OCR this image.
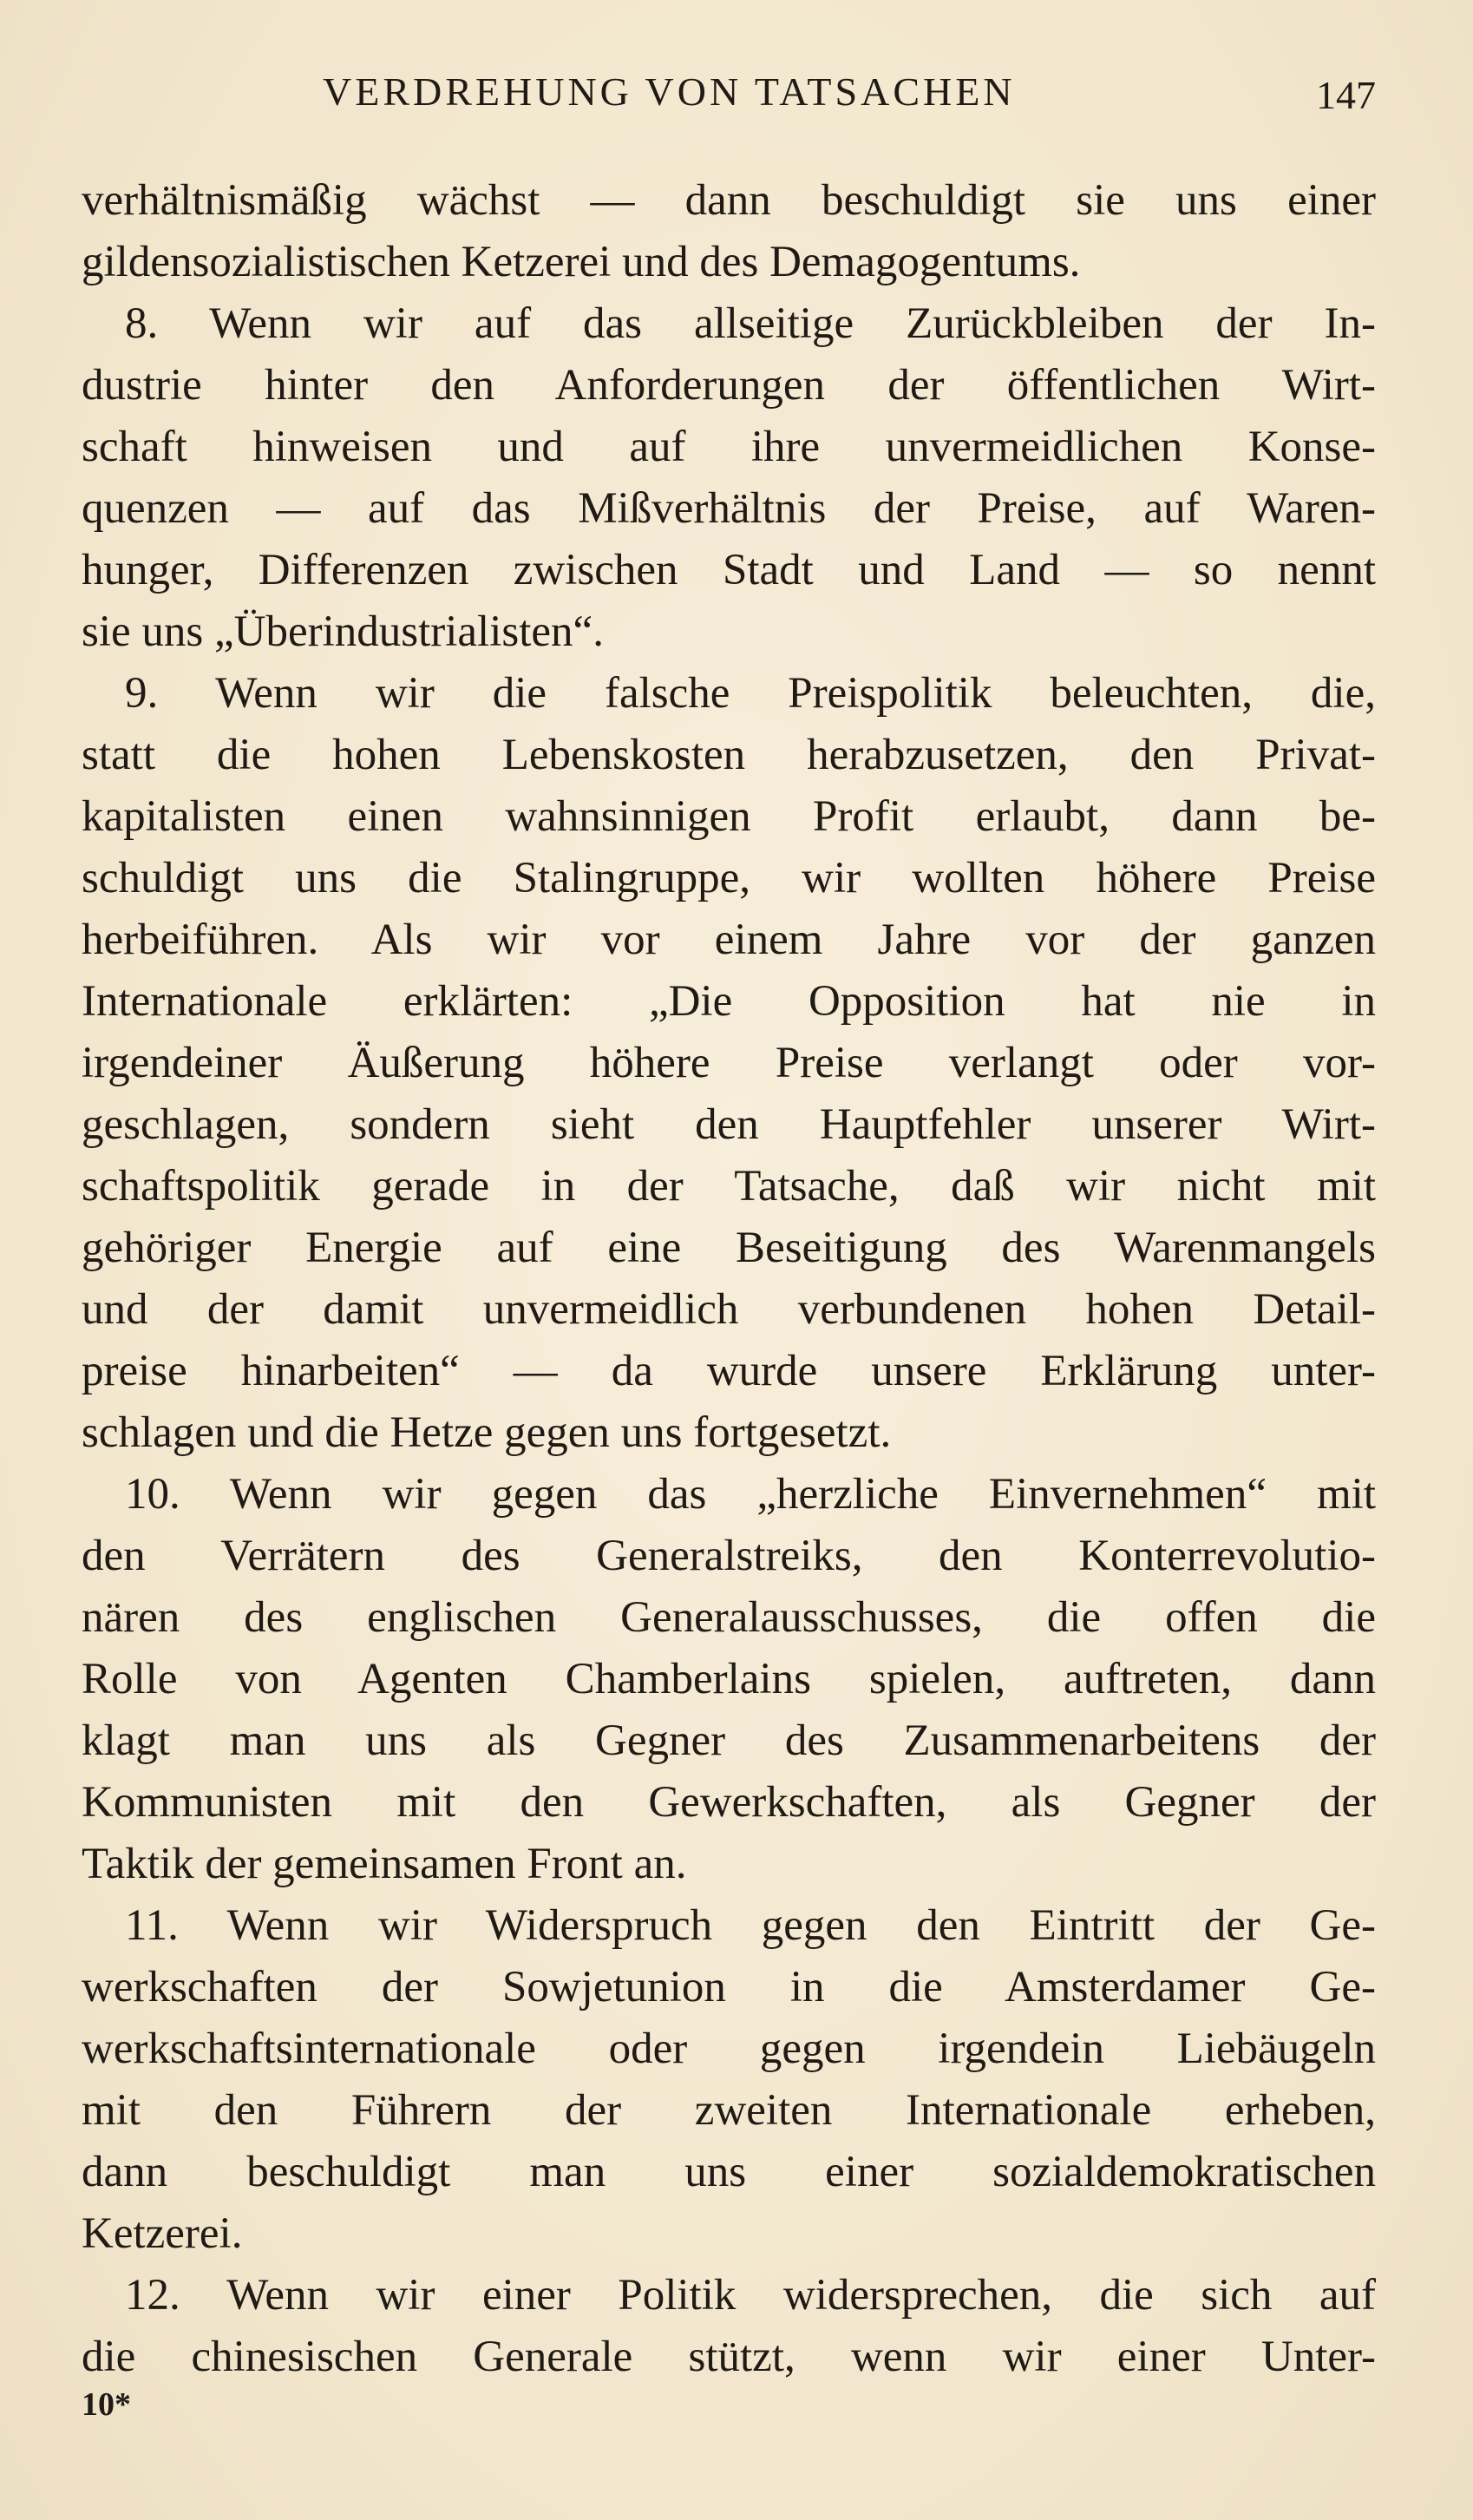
VERDREHUNG VON TATSACHEN	147
verhältnismäßig wächst — dann beschuldigt sie uns einer
gildensozialistischen Ketzerei und des Demagogentums.
8. Wenn wir auf das allseitige Zurückbleiben der In-
dustrie hinter den Anforderungen der öffentlichen Wirt-
schaft hinweisen und auf ihre unvermeidlichen Konse-
quenzen — auf das Mißverhältnis der Preise, auf Waren-
hunger, Differenzen zwischen Stadt und Land — so nennt
sie uns „Überindustrialisten“.
9. Wenn wir die falsche Preispolitik beleuchten, die,
statt die hohen Lebenskosten herabzusetzen, den Privat-
kapitalisten einen wahnsinnigen Profit erlaubt, dann be-
schuldigt uns die Stalingruppe, wir wollten höhere Preise
herbeiführen. Als wir vor einem Jahre vor der ganzen
Internationale erklärten: „Die Opposition hat nie in
irgendeiner Äußerung höhere Preise verlangt oder vor-
geschlagen, sondern sieht den Hauptfehler unserer Wirt-
schaftspolitik gerade in der Tatsache, daß wir nicht mit
gehöriger Energie auf eine Beseitigung des Warenmangels
und der damit unvermeidlich verbundenen hohen Detail-
preise hinarbeiten“ — da wurde unsere Erklärung unter-
schlagen und die Hetze gegen uns fortgesetzt.
10. Wenn wir gegen das „herzliche Einvernehmen“ mit
den Verrätern des Generalstreiks, den Konterrevolutio-
nären des englischen Generalausschusses, die offen die
Rolle von Agenten Chamberlains spielen, auftreten, dann
klagt man uns als Gegner des Zusammenarbeitens der
Kommunisten mit den Gewerkschaften, als Gegner der
Taktik der gemeinsamen Front an.
11. Wenn wir Widerspruch gegen den Eintritt der Ge-
werkschaften der Sowjetunion in die Amsterdamer Ge-
werkschaftsinternationale oder gegen irgendein Liebäugeln
mit den Führern der zweiten Internationale erheben,
dann beschuldigt man uns einer sozialdemokratischen
Ketzerei.
12. Wenn wir einer Politik widersprechen, die sich auf
die chinesischen Generale stützt, wenn wir einer Unter-
10*
